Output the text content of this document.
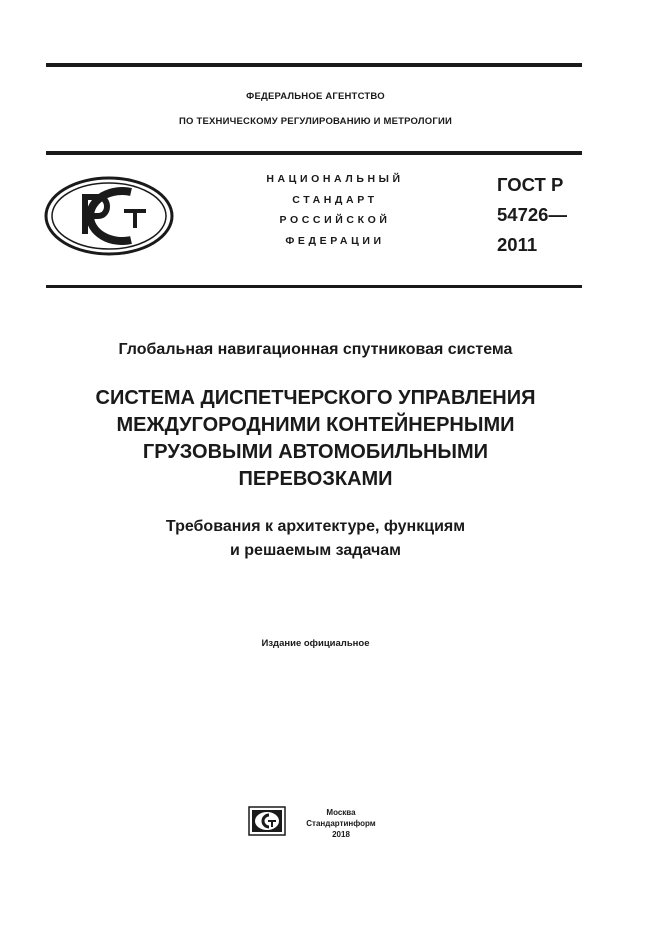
ФЕДЕРАЛЬНОЕ АГЕНТСТВО
ПО ТЕХНИЧЕСКОМУ РЕГУЛИРОВАНИЮ И МЕТРОЛОГИИ
НАЦИОНАЛЬНЫЙ
СТАНДАРТ
РОССИЙСКОЙ
ФЕДЕРАЦИИ
ГОСТ Р
54726—
2011
Глобальная навигационная спутниковая система
СИСТЕМА ДИСПЕТЧЕРСКОГО УПРАВЛЕНИЯ
МЕЖДУГОРОДНИМИ КОНТЕЙНЕРНЫМИ
ГРУЗОВЫМИ АВТОМОБИЛЬНЫМИ
ПЕРЕВОЗКАМИ
Требования к архитектуре, функциям
и решаемым задачам
Издание официальное
Москва
Стандартинформ
2018
